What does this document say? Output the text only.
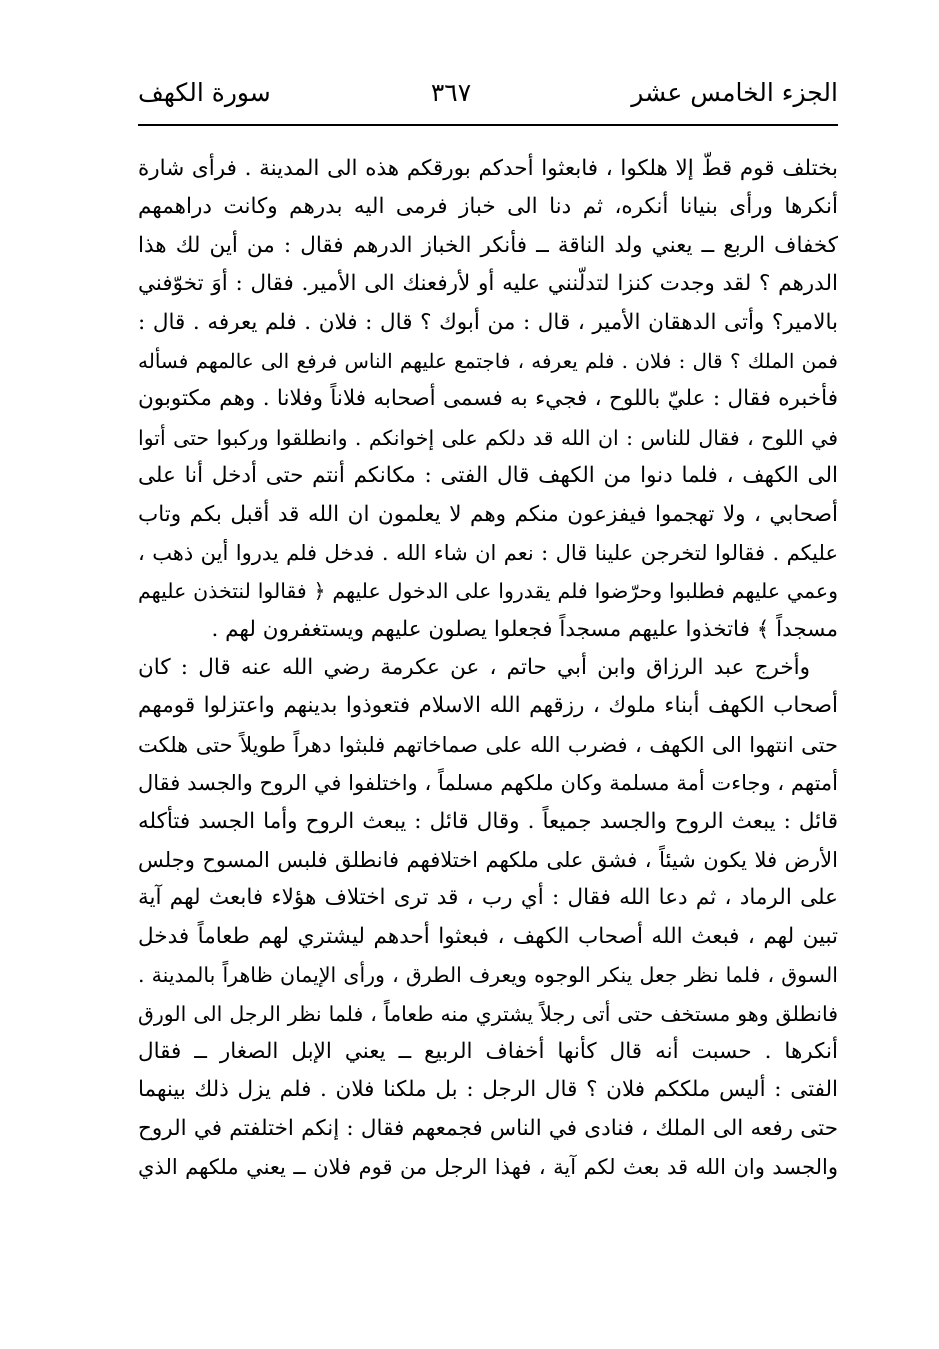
الجزء الخامس عشر
٣٦٧
سورة الكهف
بختلف قوم قطّ إلا هلكوا ، فابعثوا أحدكم بورقكم هذه الى المدينة . فرأى شارة
أنكرها ورأى بنيانا أنكره، ثم دنا الى خباز فرمى اليه بدرهم وكانت دراهمهم
كخفاف الربع ــ يعني ولد الناقة ــ فأنكر الخباز الدرهم فقال : من أين لك هذا
الدرهم ؟ لقد وجدت كنزا لتدلّنني عليه أو لأرفعنك الى الأمير. فقال : أوَ تخوّفني
بالامير؟ وأتى الدهقان الأمير ، قال : من أبوك ؟ قال : فلان . فلم يعرفه . قال :
فمن الملك ؟ قال : فلان . فلم يعرفه ، فاجتمع عليهم الناس فرفع الى عالمهم فسأله
فأخبره فقال : عليّ باللوح ، فجيء به فسمى أصحابه فلاناً وفلانا . وهم مكتوبون
في اللوح ، فقال للناس : ان الله قد دلكم على إخوانكم . وانطلقوا وركبوا حتى أتوا
الى الكهف ، فلما دنوا من الكهف قال الفتى : مكانكم أنتم حتى أدخل أنا على
أصحابي ، ولا تهجموا فيفزعون منكم وهم لا يعلمون ان الله قد أقبل بكم وتاب
عليكم . فقالوا لتخرجن علينا قال : نعم ان شاء الله . فدخل فلم يدروا أين ذهب ،
وعمي عليهم فطلبوا وحرّضوا فلم يقدروا على الدخول عليهم ﴿ فقالوا لنتخذن عليهم
مسجداً ﴾ فاتخذوا عليهم مسجداً فجعلوا يصلون عليهم ويستغفرون لهم .
وأخرج عبد الرزاق وابن أبي حاتم ، عن عكرمة رضي الله عنه قال : كان
أصحاب الكهف أبناء ملوك ، رزقهم الله الاسلام فتعوذوا بدينهم واعتزلوا قومهم
حتى انتهوا الى الكهف ، فضرب الله على صماخاتهم فلبثوا دهراً طويلاً حتى هلكت
أمتهم ، وجاءت أمة مسلمة وكان ملكهم مسلماً ، واختلفوا في الروح والجسد فقال
قائل : يبعث الروح والجسد جميعاً . وقال قائل : يبعث الروح وأما الجسد فتأكله
الأرض فلا يكون شيئاً ، فشق على ملكهم اختلافهم فانطلق فلبس المسوح وجلس
على الرماد ، ثم دعا الله فقال : أي رب ، قد ترى اختلاف هؤلاء فابعث لهم آية
تبين لهم ، فبعث الله أصحاب الكهف ، فبعثوا أحدهم ليشتري لهم طعاماً فدخل
السوق ، فلما نظر جعل ينكر الوجوه ويعرف الطرق ، ورأى الإيمان ظاهراً بالمدينة .
فانطلق وهو مستخف حتى أتى رجلاً يشتري منه طعاماً ، فلما نظر الرجل الى الورق
أنكرها . حسبت أنه قال كأنها أخفاف الربيع ــ يعني الإبل الصغار ــ فقال
الفتى : أليس ملككم فلان ؟ قال الرجل : بل ملكنا فلان . فلم يزل ذلك بينهما
حتى رفعه الى الملك ، فنادى في الناس فجمعهم فقال : إنكم اختلفتم في الروح
والجسد وان الله قد بعث لكم آية ، فهذا الرجل من قوم فلان ــ يعني ملكهم الذي
